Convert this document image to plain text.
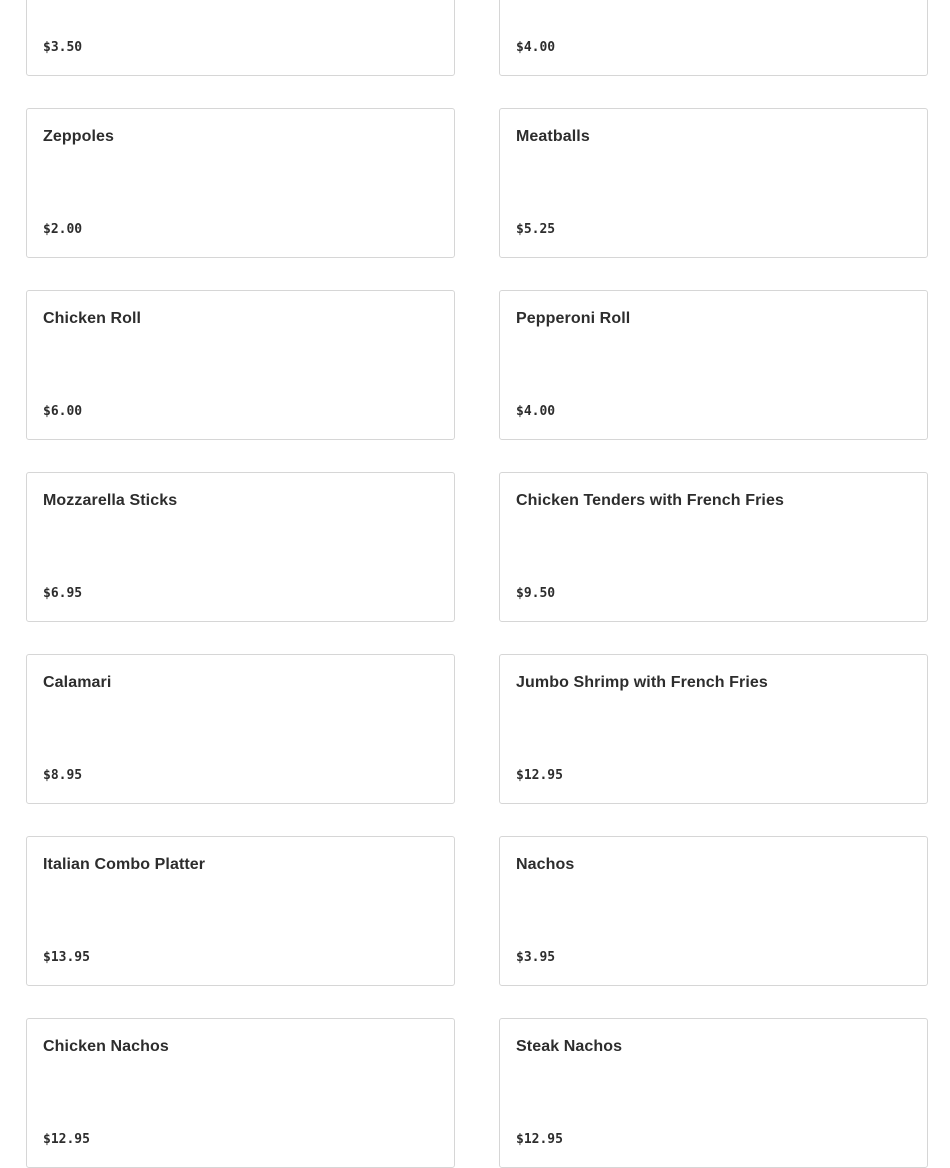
$3.50	$4.00
Zeppoles
$2.00
Meatballs
$5.25
Chicken Roll
$6.00
Pepperoni Roll
$4.00
Mozzarella Sticks
$6.95
Chicken Tenders with French Fries
$9.50
Calamari
$8.95
Jumbo Shrimp with French Fries
$12.95
Italian Combo Platter
$13.95
Nachos
$3.95
Chicken Nachos
$12.95
Steak Nachos
$12.95
